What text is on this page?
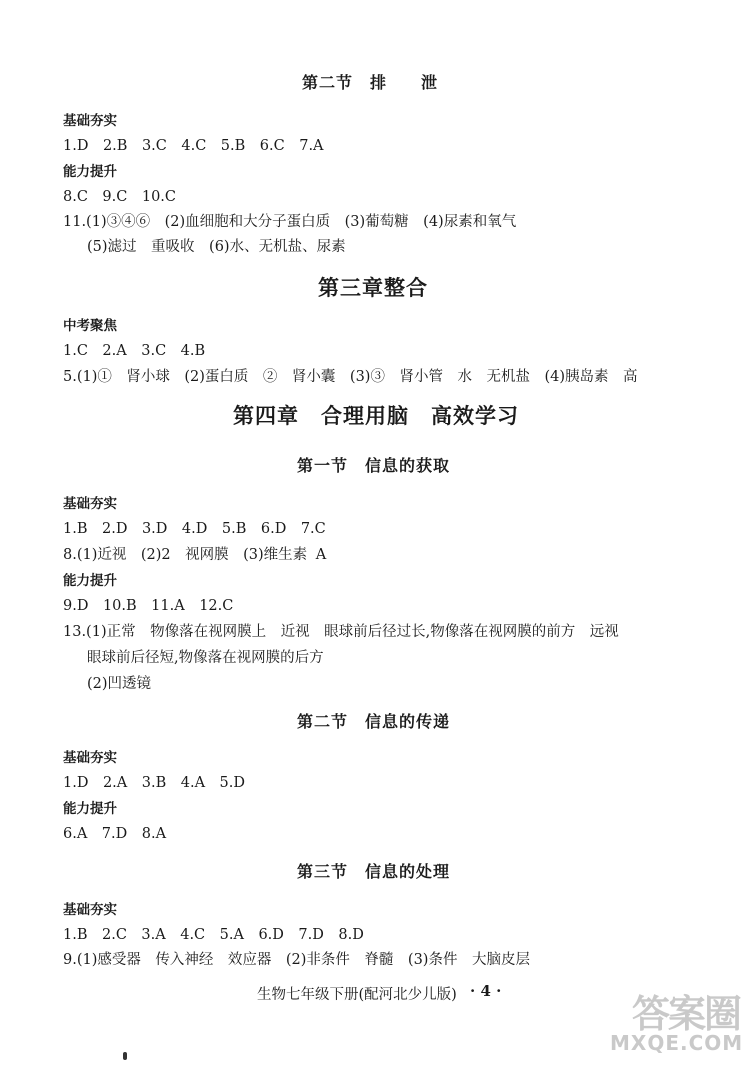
第二节　排　　泄
基础夯实
1.D　2.B　3.C　4.C　5.B　6.C　7.A
能力提升
8.C　9.C　10.C
11.(1)③④⑥　(2)血细胞和大分子蛋白质　(3)葡萄糖　(4)尿素和氧气
(5)滤过　重吸收　(6)水、无机盐、尿素
第三章整合
中考聚焦
1.C　2.A　3.C　4.B
5.(1)①　肾小球　(2)蛋白质　②　肾小囊　(3)③　肾小管　水　无机盐　(4)胰岛素　高
第四章　合理用脑　高效学习
第一节　信息的获取
基础夯实
1.B　2.D　3.D　4.D　5.B　6.D　7.C
8.(1)近视　(2)2　视网膜　(3)维生素 A
能力提升
9.D　10.B　11.A　12.C
13.(1)正常　物像落在视网膜上　近视　眼球前后径过长,物像落在视网膜的前方　远视
眼球前后径短,物像落在视网膜的后方
(2)凹透镜
第二节　信息的传递
基础夯实
1.D　2.A　3.B　4.A　5.D
能力提升
6.A　7.D　8.A
第三节　信息的处理
基础夯实
1.B　2.C　3.A　4.C　5.A　6.D　7.D　8.D
9.(1)感受器　传入神经　效应器　(2)非条件　脊髓　(3)条件　大脑皮层
生物七年级下册(配河北少儿版) · 4 ·
答案圈
MXQE.COM
